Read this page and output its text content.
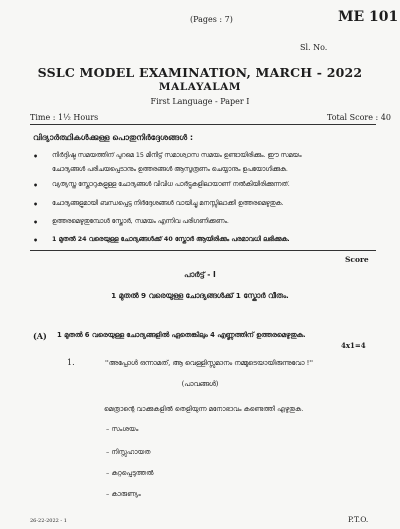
(Pages : 7)	ME 101
Sl. No.
SSLC MODEL EXAMINATION, MARCH - 2022
MALAYALAM
First Language - Paper I
Time : 1½ Hours	Total Score : 40
വിദ്യാർത്ഥികൾക്കുള്ള പൊതുനിർദ്ദേശങ്ങൾ :
• നിർദ്ദിഷ്ട സമയത്തിന് പുറമെ 15 മിനിട്ട് സമാശ്വാസ സമയം ഉണ്ടായിരിക്കും. ഈ സമയം
ചോദ്യങ്ങൾ പരിചയപ്പെടാനും ഉത്തരങ്ങൾ ആസൂത്രണം ചെയ്യാനും ഉപയോഗിക്കുക.
• വ്യത്യസ്ത സ്കോറുകളുള്ള ചോദ്യങ്ങൾ വിവിധ പാർട്ടുകളിലായാണ് നൽകിയിരിക്കുന്നത്.
• ചോദ്യങ്ങളുമായി ബന്ധപ്പെട്ട നിർദ്ദേശങ്ങൾ വായിച്ചു മനസ്സിലാക്കി ഉത്തരമെഴുതുക.
• ഉത്തരമെഴുതുമ്പോൾ സ്കോർ, സമയം എന്നിവ പരിഗണിക്കണം.
• 1 മുതൽ 24 വരെയുള്ള ചോദ്യങ്ങൾക്ക് 40 സ്കോർ ആയിരിക്കും പരമാവധി ലഭിക്കുക.
Score
പാർട്ട് - I
1 മുതൽ 9 വരെയുള്ള ചോദ്യങ്ങൾക്ക് 1 സ്കോർ വീതം.
(A) 1 മുതൽ 6 വരെയുള്ള ചോദ്യങ്ങളിൽ ഏതെങ്കിലും 4 എണ്ണത്തിന് ഉത്തരമെഴുതുക.
4x1=4
1.	''അപ്പോൾ ഒന്നാമത്, ആ വെള്ളിസ്സമാനം നമ്മുടെയായിരുന്നുവോ !''
(പാവങ്ങൾ)
മെത്രാന്റെ വാക്കുകളിൽ തെളിയുന്ന മനോഭാവം കണ്ടെത്തി എഴുതുക.
– സംശയം
– നിസ്സഹായത
– കുറ്റപ്പെടുത്തൽ
– കാരുണ്യം
26-22-2022 - 1	P.T.O.
